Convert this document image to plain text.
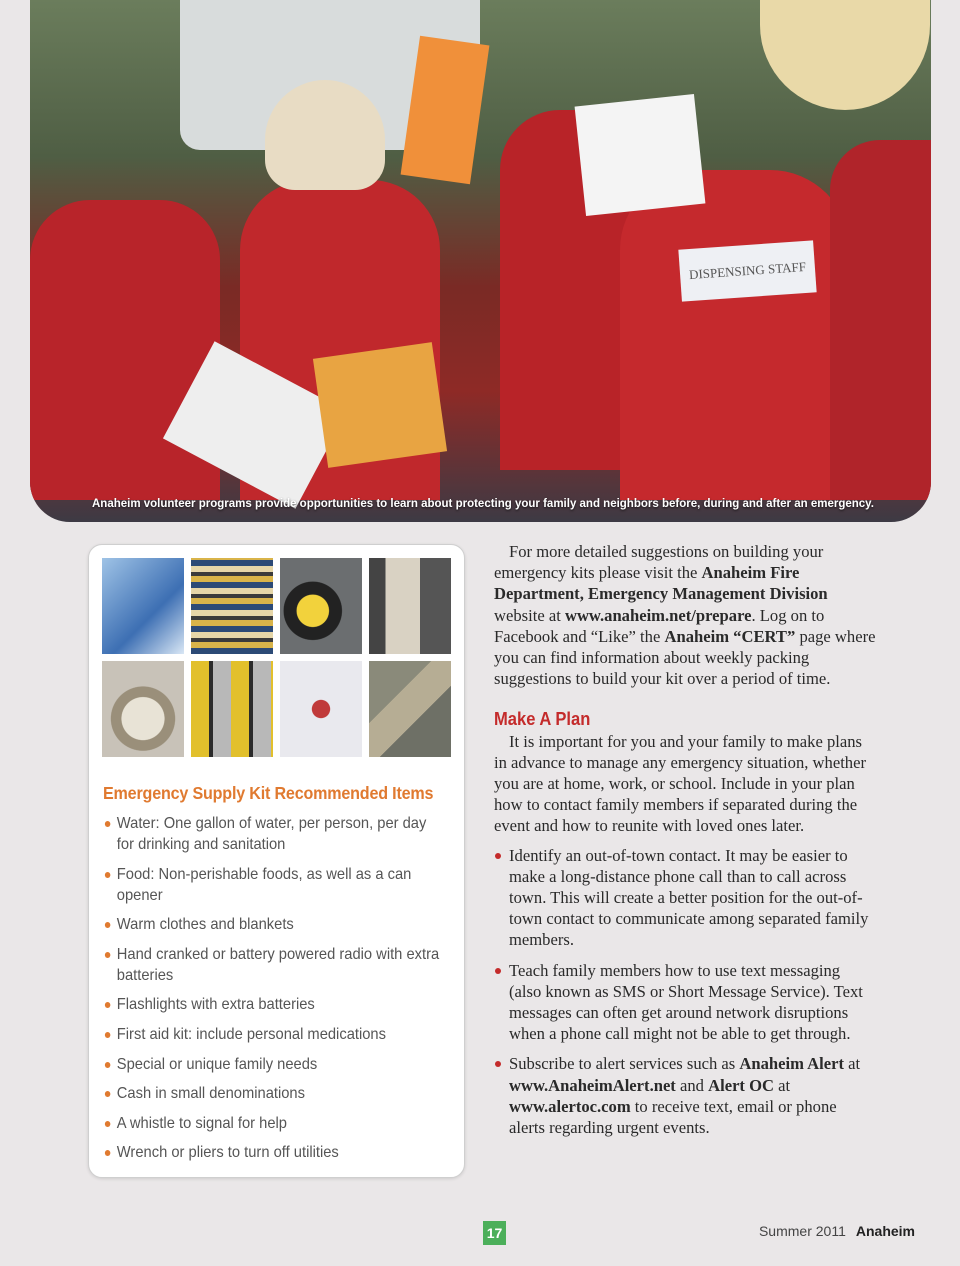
DISPENSING STAFF
Anaheim volunteer programs provide opportunities to learn about protecting your family and neighbors before, during and after an emergency.
Emergency Supply Kit Recommended Items
Water: One gallon of water, per person, per day for drinking and sanitation
Food: Non-perishable foods, as well as a can opener
Warm clothes and blankets
Hand cranked or battery powered radio with extra batteries
Flashlights with extra batteries
First aid kit: include personal medications
Special or unique family needs
Cash in small denominations
A whistle to signal for help
Wrench or pliers to turn off utilities

For more detailed suggestions on building your emergency kits please visit the Anaheim Fire Department, Emergency Management Division website at www.anaheim.net/prepare. Log on to Facebook and “Like” the Anaheim “CERT” page where you can find information about weekly packing suggestions to build your kit over a period of time.

Make A Plan

It is important for you and your family to make plans in advance to manage any emergency situation, whether you are at home, work, or school. Include in your plan how to contact family members if separated during the event and how to reunite with loved ones later.

Identify an out-of-town contact. It may be easier to make a long-distance phone call than to call across town. This will create a better position for the out-of-town contact to communicate among separated family members.
Teach family members how to use text messaging (also known as SMS or Short Message Service). Text messages can often get around network disruptions when a phone call might not be able to get through.
Subscribe to alert services such as Anaheim Alert at www.AnaheimAlert.net and Alert OC at www.alertoc.com to receive text, email or phone alerts regarding urgent events.
17	Summer 2011 Anaheim
